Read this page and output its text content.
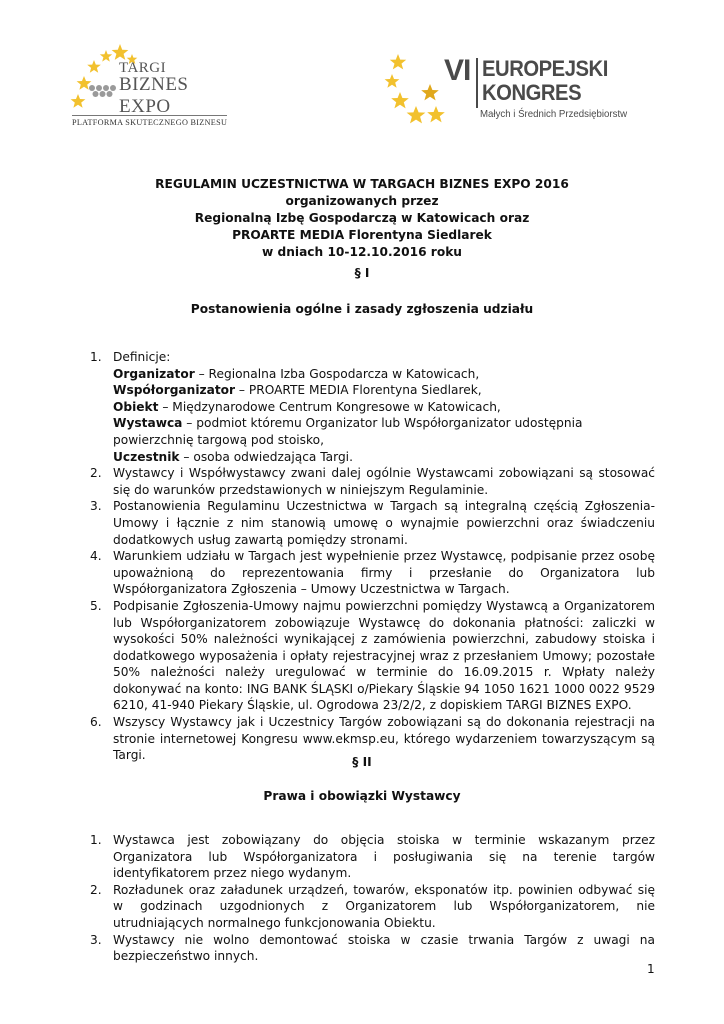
TARGI
BIZNES EXPO
PLATFORMA SKUTECZNEGO BIZNESU
VI EUROPEJSKI
KONGRES
Małych i Średnich Przedsiębiorstw
REGULAMIN UCZESTNICTWA W TARGACH BIZNES EXPO 2016
organizowanych przez
Regionalną Izbę Gospodarczą w Katowicach oraz
PROARTE MEDIA Florentyna Siedlarek
w dniach 10-12.10.2016 roku
§ I
Postanowienia ogólne i zasady zgłoszenia udziału
1. Definicje:
Organizator – Regionalna Izba Gospodarcza w Katowicach,
Współorganizator – PROARTE MEDIA Florentyna Siedlarek,
Obiekt – Międzynarodowe Centrum Kongresowe w Katowicach,
Wystawca – podmiot któremu Organizator lub Współorganizator udostępnia powierzchnię targową pod stoisko,
Uczestnik – osoba odwiedzająca Targi.
2. Wystawcy i Współwystawcy zwani dalej ogólnie Wystawcami zobowiązani są stosować się do warunków przedstawionych w niniejszym Regulaminie.
3. Postanowienia Regulaminu Uczestnictwa w Targach są integralną częścią Zgłoszenia-Umowy i łącznie z nim stanowią umowę o wynajmie powierzchni oraz świadczeniu dodatkowych usług zawartą pomiędzy stronami.
4. Warunkiem udziału w Targach jest wypełnienie przez Wystawcę, podpisanie przez osobę upoważnioną do reprezentowania firmy i przesłanie do Organizatora lub Współorganizatora Zgłoszenia – Umowy Uczestnictwa w Targach.
5. Podpisanie Zgłoszenia-Umowy najmu powierzchni pomiędzy Wystawcą a Organizatorem lub Współorganizatorem zobowiązuje Wystawcę do dokonania płatności: zaliczki w wysokości 50% należności wynikającej z zamówienia powierzchni, zabudowy stoiska i dodatkowego wyposażenia i opłaty rejestracyjnej wraz z przesłaniem Umowy; pozostałe 50% należności należy uregulować w terminie do 16.09.2015 r. Wpłaty należy dokonywać na konto: ING BANK ŚLĄSKI o/Piekary Śląskie 94 1050 1621 1000 0022 9529 6210, 41-940 Piekary Śląskie, ul. Ogrodowa 23/2/2, z dopiskiem TARGI BIZNES EXPO.
6. Wszyscy Wystawcy jak i Uczestnicy Targów zobowiązani są do dokonania rejestracji na stronie internetowej Kongresu www.ekmsp.eu, którego wydarzeniem towarzyszącym są Targi.	§ II
Prawa i obowiązki Wystawcy
1. Wystawca jest zobowiązany do objęcia stoiska w terminie wskazanym przez Organizatora lub Współorganizatora i posługiwania się na terenie targów identyfikatorem przez niego wydanym.
2. Rozładunek oraz załadunek urządzeń, towarów, eksponatów itp. powinien odbywać się w godzinach uzgodnionych z Organizatorem lub Współorganizatorem, nie utrudniających normalnego funkcjonowania Obiektu.
3. Wystawcy nie wolno demontować stoiska w czasie trwania Targów z uwagi na bezpieczeństwo innych.
1
